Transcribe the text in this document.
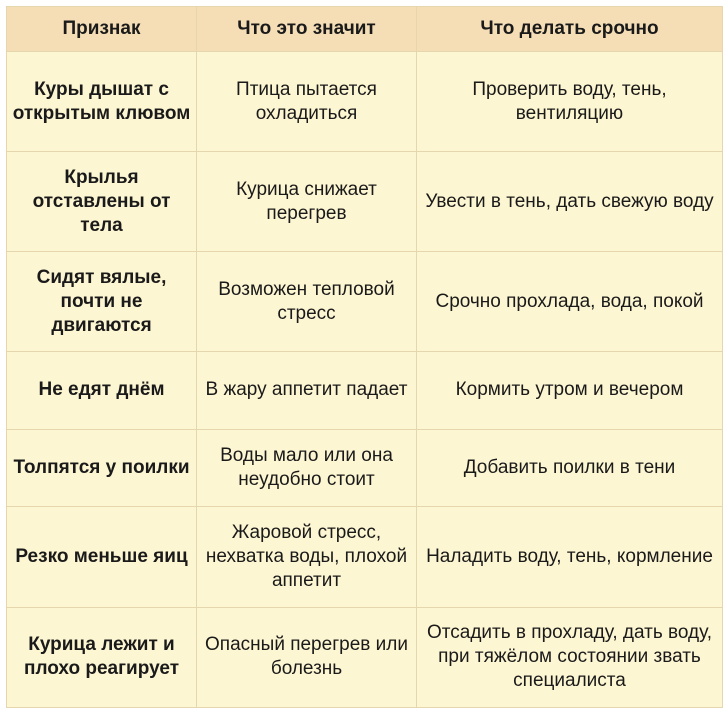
Признак	Что это значит	Что делать срочно
Куры дышат с открытым клювом	Птица пытается охладиться	Проверить воду, тень, вентиляцию
Крылья отставлены от тела	Курица снижает перегрев	Увести в тень, дать свежую воду
Сидят вялые, почти не двигаются	Возможен тепловой стресс	Срочно прохлада, вода, покой
Не едят днём	В жару аппетит падает	Кормить утром и вечером
Толпятся у поилки	Воды мало или она неудобно стоит	Добавить поилки в тени
Резко меньше яиц	Жаровой стресс, нехватка воды, плохой аппетит	Наладить воду, тень, кормление
Курица лежит и плохо реагирует	Опасный перегрев или болезнь	Отсадить в прохладу, дать воду, при тяжёлом состоянии звать специалиста
